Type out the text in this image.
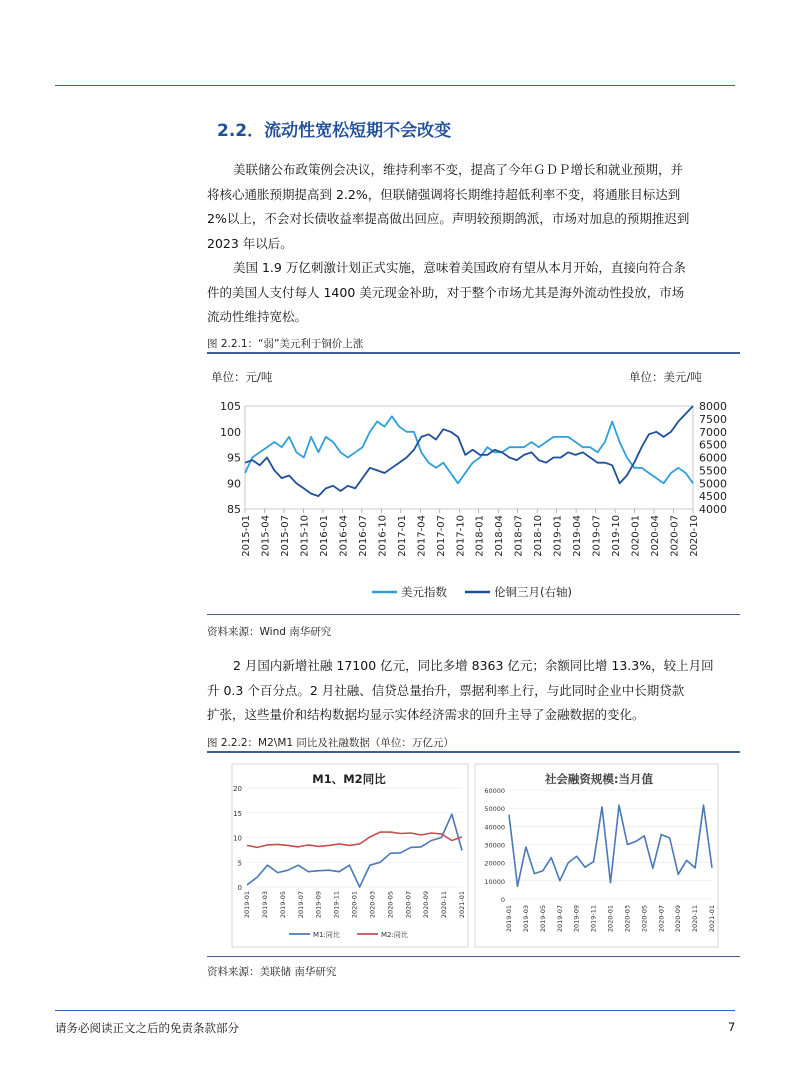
2.2．流动性宽松短期不会改变
美联储公布政策例会决议，维持利率不变，提高了今年ＧＤＰ增长和就业预期，并
将核心通胀预期提高到 2.2%，但联储强调将长期维持超低利率不变，将通胀目标达到
2%以上，不会对长债收益率提高做出回应。声明较预期鸽派，市场对加息的预期推迟到
2023 年以后。
美国 1.9 万亿刺激计划正式实施，意味着美国政府有望从本月开始，直接向符合条
件的美国人支付每人 1400 美元现金补助，对于整个市场尤其是海外流动性投放，市场
流动性维持宽松。
图 2.2.1：“弱”美元利于铜价上涨
单位：元/吨	单位：美元/吨
105
100
95
90
85
8000
7500
7000
6500
6000
5500
5000
4500
4000
2015-01 2015-04 2015-07 2015-10 2016-01 2016-04 2016-07 2016-10 2017-01 2017-04 2017-07 2017-10 2018-01 2018-04 2018-07 2018-10 2019-01 2019-04 2019-07 2019-10 2020-01 2020-04 2020-07 2020-10
美元指数	伦铜三月(右轴)
资料来源：Wind 南华研究
2 月国内新增社融 17100 亿元，同比多增 8363 亿元；余额同比增 13.3%，较上月回
升 0.3 个百分点。2 月社融、信贷总量抬升，票据利率上行，与此同时企业中长期贷款
扩张，这些量价和结构数据均显示实体经济需求的回升主导了金融数据的变化。
图 2.2.2：M2\M1 同比及社融数据（单位：万亿元）
M1、M2同比
20
15
10
5
0
2019-01 2019-03 2019-05 2019-07 2019-09 2019-11 2020-01 2020-03 2020-05 2020-07 2020-09 2020-11 2021-01
M1:同比	M2:同比
社会融资规模:当月值
60000
50000
40000
30000
20000
10000
0
2019-01 2019-03 2019-05 2019-07 2019-09 2019-11 2020-01 2020-03 2020-05 2020-07 2020-09 2020-11 2021-01
资料来源：美联储 南华研究
请务必阅读正文之后的免责条款部分	7
